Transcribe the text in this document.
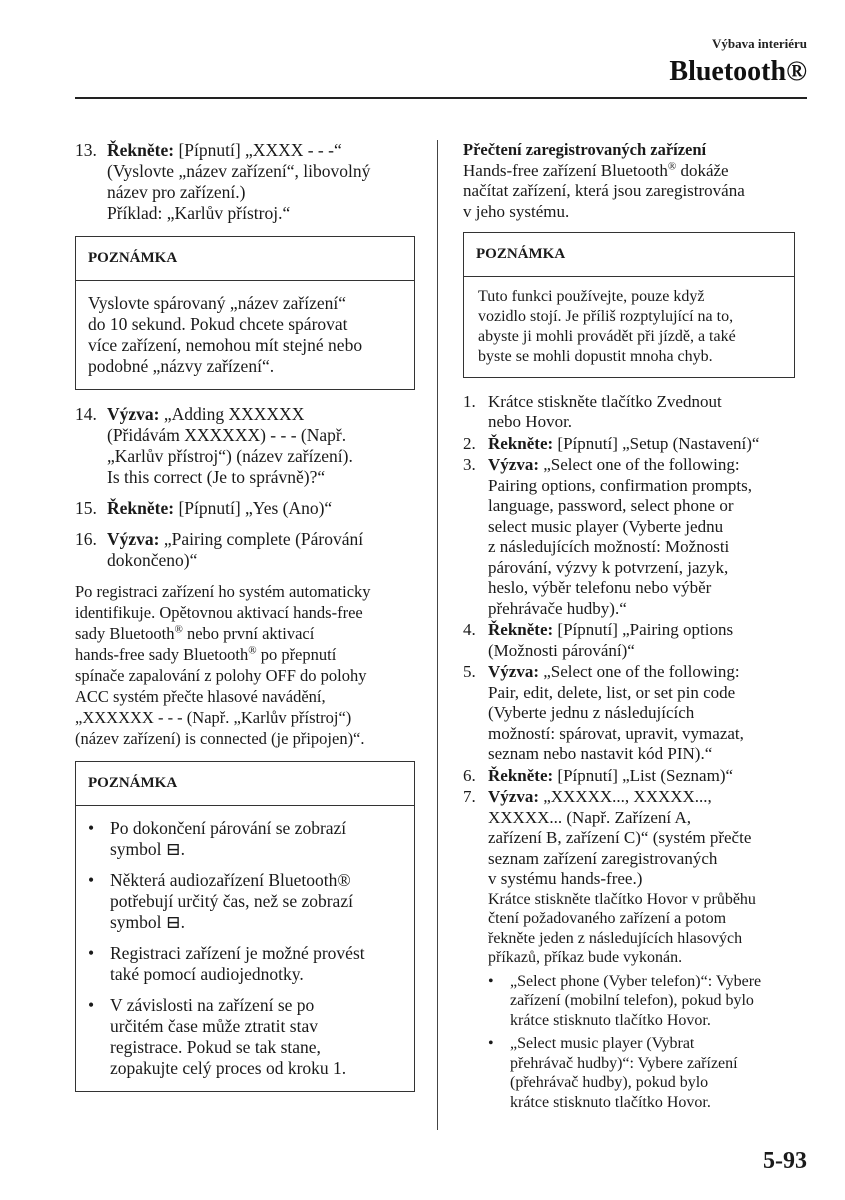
Výbava interiéru
Bluetooth®
13. Řekněte: [Pípnutí] „XXXX - - -“
(Vyslovte „název zařízení“, libovolný
název pro zařízení.)
Příklad: „Karlův přístroj.“
POZNÁMKA
Vyslovte spárovaný „název zařízení“
do 10 sekund. Pokud chcete spárovat
více zařízení, nemohou mít stejné nebo
podobné „názvy zařízení“.
14. Výzva: „Adding XXXXXX
(Přidávám XXXXXX) - - - (Např.
„Karlův přístroj“) (název zařízení).
Is this correct (Je to správně)?“
15. Řekněte: [Pípnutí] „Yes (Ano)“
16. Výzva: „Pairing complete (Párování
dokončeno)“
Po registraci zařízení ho systém automaticky
identifikuje. Opětovnou aktivací hands-free
sady Bluetooth® nebo první aktivací
hands-free sady Bluetooth® po přepnutí
spínače zapalování z polohy OFF do polohy
ACC systém přečte hlasové navádění,
„XXXXXX - - - (Např. „Karlův přístroj“)
(název zařízení) is connected (je připojen)“.
POZNÁMKA
• Po dokončení párování se zobrazí
symbol ⊟.
• Některá audiozařízení Bluetooth®
potřebují určitý čas, než se zobrazí
symbol ⊟.
• Registraci zařízení je možné provést
také pomocí audiojednotky.
• V závislosti na zařízení se po
určitém čase může ztratit stav
registrace. Pokud se tak stane,
zopakujte celý proces od kroku 1.
Přečtení zaregistrovaných zařízení
Hands-free zařízení Bluetooth® dokáže
načítat zařízení, která jsou zaregistrována
v jeho systému.
POZNÁMKA
Tuto funkci používejte, pouze když
vozidlo stojí. Je příliš rozptylující na to,
abyste ji mohli provádět při jízdě, a také
byste se mohli dopustit mnoha chyb.
1. Krátce stiskněte tlačítko Zvednout
nebo Hovor.
2. Řekněte: [Pípnutí] „Setup (Nastavení)“
3. Výzva: „Select one of the following:
Pairing options, confirmation prompts,
language, password, select phone or
select music player (Vyberte jednu
z následujících možností: Možnosti
párování, výzvy k potvrzení, jazyk,
heslo, výběr telefonu nebo výběr
přehrávače hudby).“
4. Řekněte: [Pípnutí] „Pairing options
(Možnosti párování)“
5. Výzva: „Select one of the following:
Pair, edit, delete, list, or set pin code
(Vyberte jednu z následujících
možností: spárovat, upravit, vymazat,
seznam nebo nastavit kód PIN).“
6. Řekněte: [Pípnutí] „List (Seznam)“
7. Výzva: „XXXXX..., XXXXX...,
XXXXX... (Např. Zařízení A,
zařízení B, zařízení C)“ (systém přečte
seznam zařízení zaregistrovaných
v systému hands-free.)
Krátce stiskněte tlačítko Hovor v průběhu
čtení požadovaného zařízení a potom
řekněte jeden z následujících hlasových
příkazů, příkaz bude vykonán.
•	„Select phone (Vyber telefon)“: Vybere
zařízení (mobilní telefon), pokud bylo
krátce stisknuto tlačítko Hovor.
•	„Select music player (Vybrat
přehrávač hudby)“: Vybere zařízení
(přehrávač hudby), pokud bylo
krátce stisknuto tlačítko Hovor.
5-93
